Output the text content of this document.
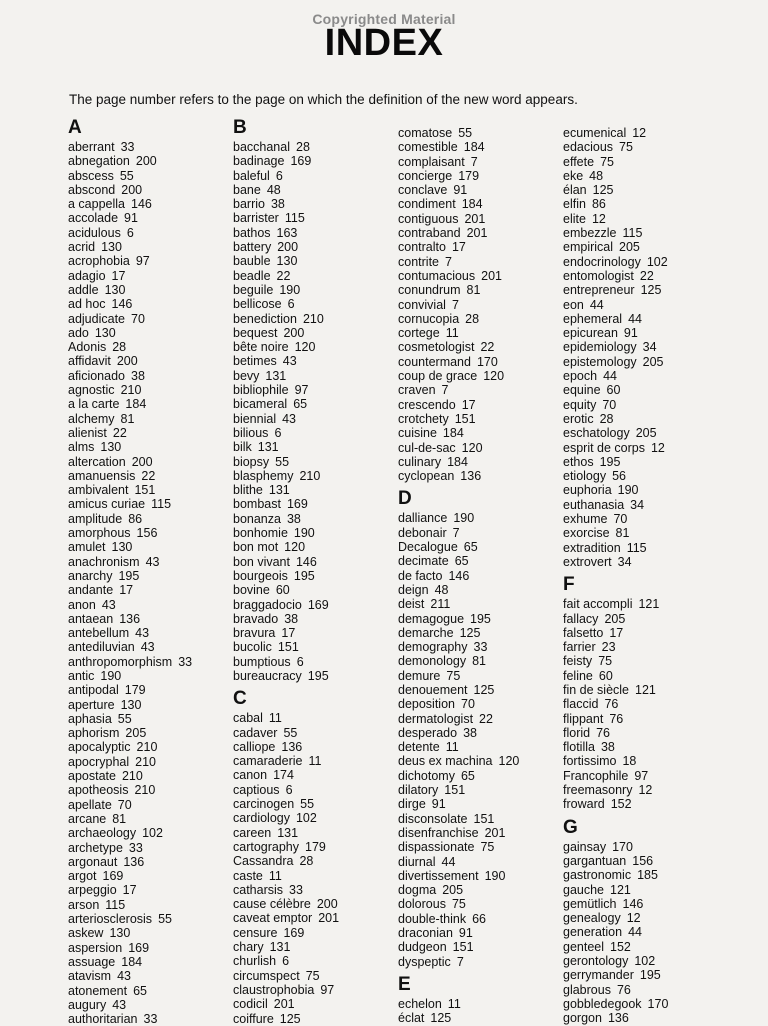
Copyrighted Material
INDEX
The page number refers to the page on which the definition of the new word appears.
A
aberrant 33
abnegation 200
abscess 55
abscond 200
a cappella 146
accolade 91
acidulous 6
acrid 130
acrophobia 97
adagio 17
addle 130
ad hoc 146
adjudicate 70
ado 130
Adonis 28
affidavit 200
aficionado 38
agnostic 210
a la carte 184
alchemy 81
alienist 22
alms 130
altercation 200
amanuensis 22
ambivalent 151
amicus curiae 115
amplitude 86
amorphous 156
amulet 130
anachronism 43
anarchy 195
andante 17
anon 43
antaean 136
antebellum 43
antediluvian 43
anthropomorphism 33
antic 190
antipodal 179
aperture 130
aphasia 55
aphorism 205
apocalyptic 210
apocryphal 210
apostate 210
apotheosis 210
apellate 70
arcane 81
archaeology 102
archetype 33
argonaut 136
argot 169
arpeggio 17
arson 115
arteriosclerosis 55
askew 130
aspersion 169
assuage 184
atavism 43
atonement 65
augury 43
authoritarian 33
B
bacchanal 28
badinage 169
baleful 6
bane 48
barrio 38
barrister 115
bathos 163
battery 200
bauble 130
beadle 22
beguile 190
bellicose 6
benediction 210
bequest 200
bête noire 120
betimes 43
bevy 131
bibliophile 97
bicameral 65
biennial 43
bilious 6
bilk 131
biopsy 55
blasphemy 210
blithe 131
bombast 169
bonanza 38
bonhomie 190
bon mot 120
bon vivant 146
bourgeois 195
bovine 60
braggadocio 169
bravado 38
bravura 17
bucolic 151
bumptious 6
bureaucracy 195
C
cabal 11
cadaver 55
calliope 136
camaraderie 11
canon 174
captious 6
carcinogen 55
cardiology 102
careen 131
cartography 179
Cassandra 28
caste 11
catharsis 33
cause célèbre 200
caveat emptor 201
censure 169
chary 131
churlish 6
circumspect 75
claustrophobia 97
codicil 201
coiffure 125
comatose 55
comestible 184
complaisant 7
concierge 179
conclave 91
condiment 184
contiguous 201
contraband 201
contralto 17
contrite 7
contumacious 201
conundrum 81
convivial 7
cornucopia 28
cortege 11
cosmetologist 22
countermand 170
coup de grace 120
craven 7
crescendo 17
crotchety 151
cuisine 184
cul-de-sac 120
culinary 184
cyclopean 136
D
dalliance 190
debonair 7
Decalogue 65
decimate 65
de facto 146
deign 48
deist 211
demagogue 195
demarche 125
demography 33
demonology 81
demure 75
denouement 125
deposition 70
dermatologist 22
desperado 38
detente 11
deus ex machina 120
dichotomy 65
dilatory 151
dirge 91
disconsolate 151
disenfranchise 201
dispassionate 75
diurnal 44
divertissement 190
dogma 205
dolorous 75
double-think 66
draconian 91
dudgeon 151
dyspeptic 7
E
echelon 11
éclat 125
ecumenical 12
edacious 75
effete 75
eke 48
élan 125
elfin 86
elite 12
embezzle 115
empirical 205
endocrinology 102
entomologist 22
entrepreneur 125
eon 44
ephemeral 44
epicurean 91
epidemiology 34
epistemology 205
epoch 44
equine 60
equity 70
erotic 28
eschatology 205
esprit de corps 12
ethos 195
etiology 56
euphoria 190
euthanasia 34
exhume 70
exorcise 81
extradition 115
extrovert 34
F
fait accompli 121
fallacy 205
falsetto 17
farrier 23
feisty 75
feline 60
fin de siècle 121
flaccid 76
flippant 76
florid 76
flotilla 38
fortissimo 18
Francophile 97
freemasonry 12
froward 152
G
gainsay 170
gargantuan 156
gastronomic 185
gauche 121
gemütlich 146
genealogy 12
generation 44
genteel 152
gerontology 102
gerrymander 195
glabrous 76
gobbledegook 170
gorgon 136
